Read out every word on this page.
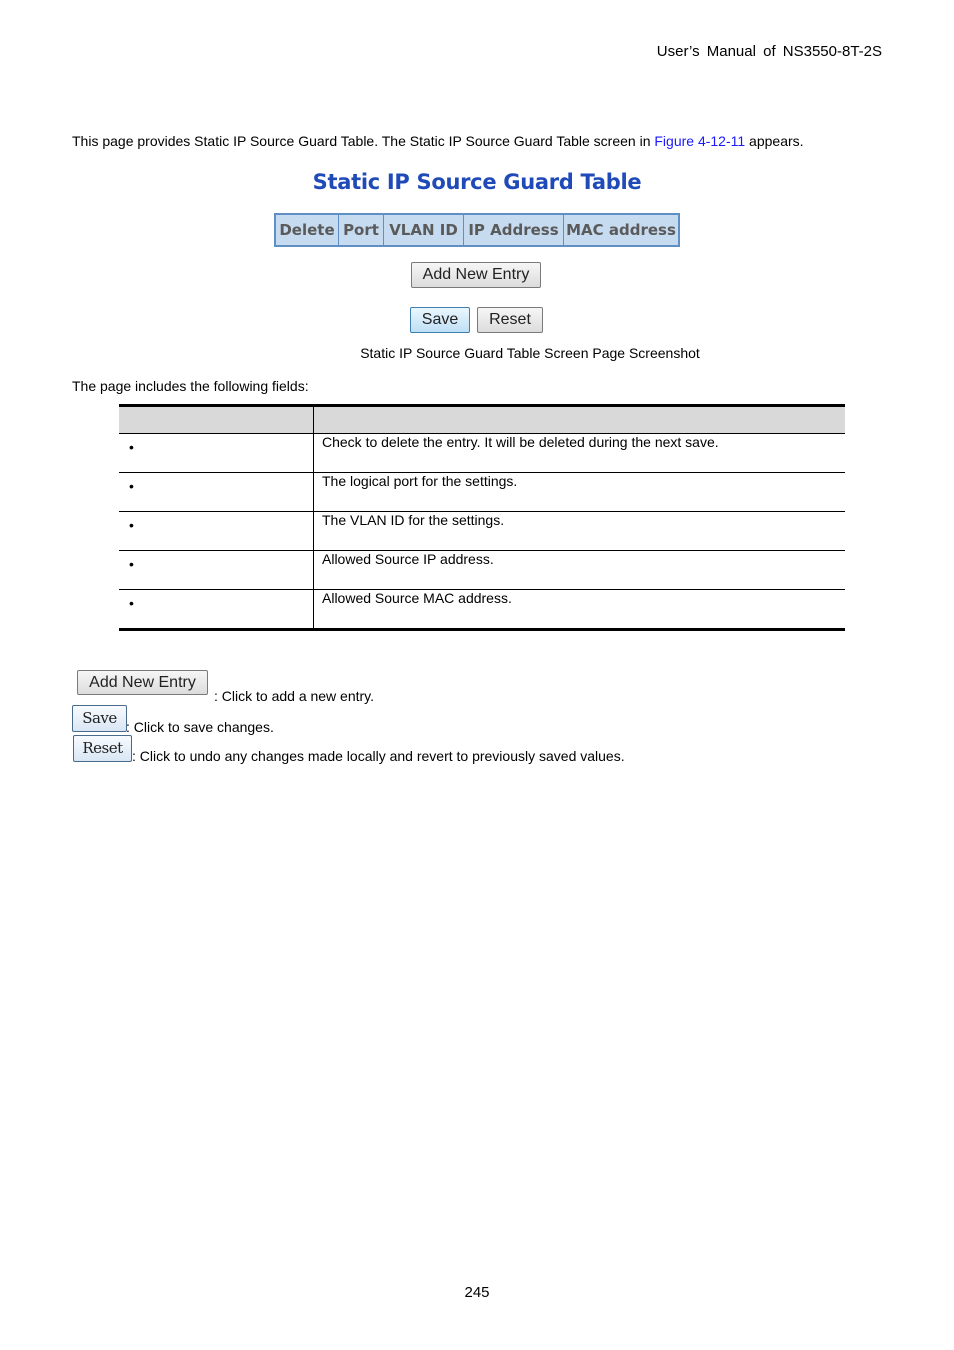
User’s Manual of NS3550-8T-2S
This page provides Static IP Source Guard Table. The Static IP Source Guard Table screen in Figure 4-12-11 appears.
Static IP Source Guard Table
Delete Port VLAN ID IP Address MAC address
Add New Entry
Save	Reset
Static IP Source Guard Table Screen Page Screenshot
The page includes the following fields:
•	Check to delete the entry. It will be deleted during the next save.
•	The logical port for the settings.
•	The VLAN ID for the settings.
•	Allowed Source IP address.
•	Allowed Source MAC address.
Add New Entry
: Click to add a new entry.
Save : Click to save changes.
Reset : Click to undo any changes made locally and revert to previously saved values.
245
